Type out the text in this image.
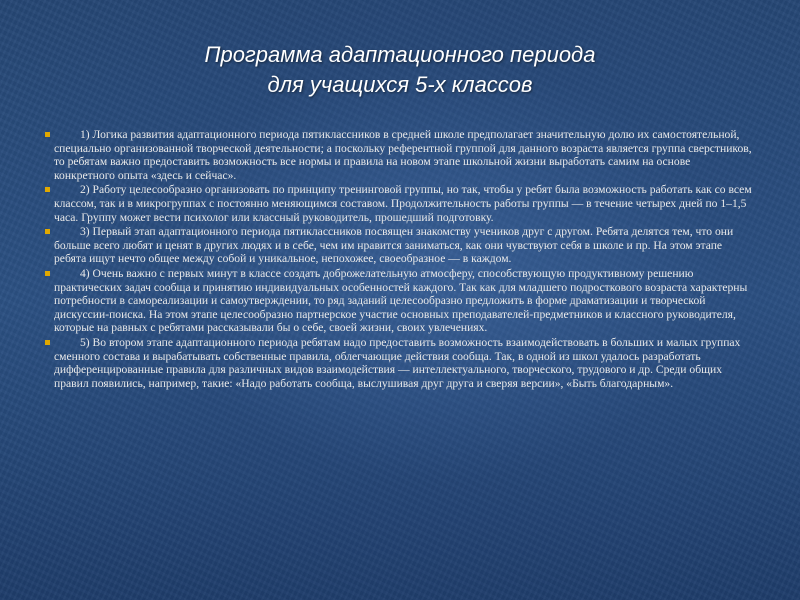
Программа адаптационного периода
для учащихся 5-х классов
1) Логика развития адаптационного периода пятиклассников в средней школе предполагает значительную долю их самостоятельной, специально организованной творческой деятельности; а поскольку референтной группой для данного возраста является группа сверстников, то ребятам важно предоставить возможность все нормы и правила на новом этапе школьной жизни выработать самим на основе конкретного опыта «здесь и сейчас».
2) Работу целесообразно организовать по принципу тренинговой группы, но так, чтобы у ребят была возможность работать как со всем классом, так и в микрогруппах с постоянно меняющимся составом. Продолжительность работы группы — в течение четырех дней по 1–1,5 часа. Группу может вести психолог или классный руководитель, прошедший подготовку.
3) Первый этап адаптационного периода пятиклассников посвящен знакомству учеников друг с другом. Ребята делятся тем, что они больше всего любят и ценят в других людях и в себе, чем им нравится заниматься, как они чувствуют себя в школе и пр. На этом этапе ребята ищут нечто общее между собой и уникальное, непохожее, своеобразное — в каждом.
4) Очень важно с первых минут в классе создать доброжелательную атмосферу, способствующую продуктивному решению практических задач сообща и принятию индивидуальных особенностей каждого. Так как для младшего подросткового возраста характерны потребности в самореализации и самоутверждении, то ряд заданий целесообразно предложить в форме драматизации и творческой дискуссии-поиска. На этом этапе целесообразно партнерское участие основных преподавателей-предметников и классного руководителя, которые на равных с ребятами рассказывали бы о себе, своей жизни, своих увлечениях.
5) Во втором этапе адаптационного периода ребятам надо предоставить возможность взаимодействовать в больших и малых группах сменного состава и вырабатывать собственные правила, облегчающие действия сообща. Так, в одной из школ удалось разработать дифференцированные правила для различных видов взаимодействия — интеллектуального, творческого, трудового и др. Среди общих правил появились, например, такие: «Надо работать сообща, выслушивая друг друга и сверяя версии», «Быть благодарным».
